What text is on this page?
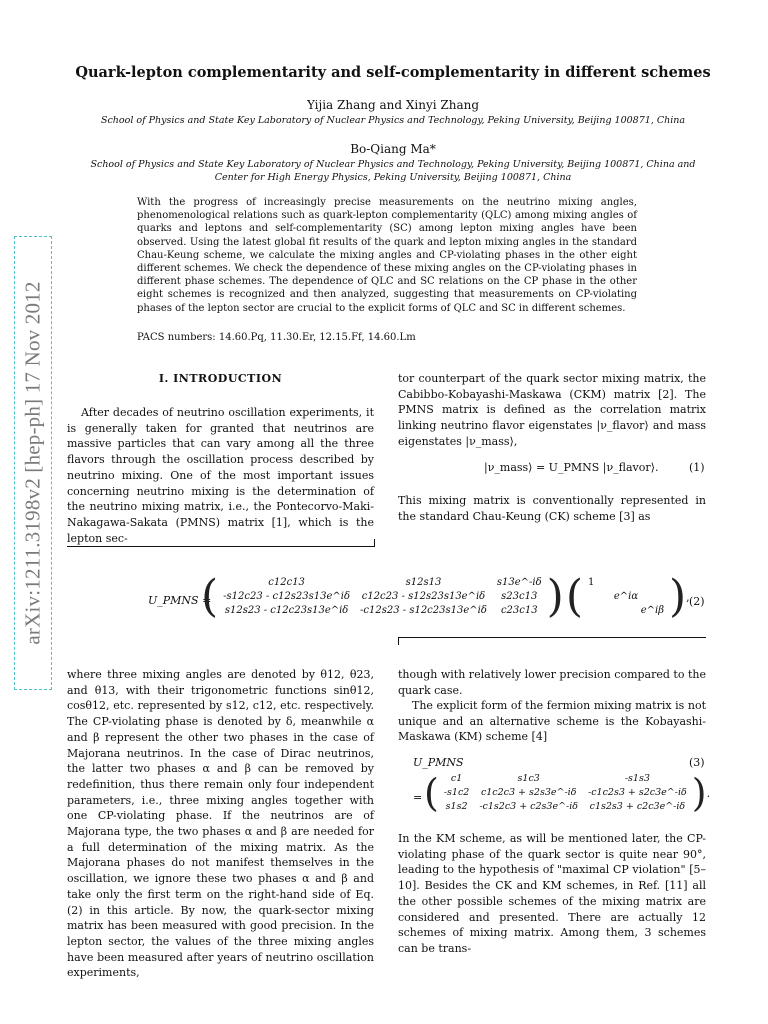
arXiv:1211.3198v2 [hep-ph] 17 Nov 2012
Quark-lepton complementarity and self-complementarity in different schemes
Yijia Zhang and Xinyi Zhang
School of Physics and State Key Laboratory of Nuclear Physics and Technology, Peking University, Beijing 100871, China
Bo-Qiang Ma*
School of Physics and State Key Laboratory of Nuclear Physics and Technology, Peking University, Beijing 100871, China and
Center for High Energy Physics, Peking University, Beijing 100871, China
With the progress of increasingly precise measurements on the neutrino mixing angles, phenomenological relations such as quark-lepton complementarity (QLC) among mixing angles of quarks and leptons and self-complementarity (SC) among lepton mixing angles have been observed. Using the latest global fit results of the quark and lepton mixing angles in the standard Chau-Keung scheme, we calculate the mixing angles and CP-violating phases in the other eight different schemes. We check the dependence of these mixing angles on the CP-violating phases in different phase schemes. The dependence of QLC and SC relations on the CP phase in the other eight schemes is recognized and then analyzed, suggesting that measurements on CP-violating phases of the lepton sector are crucial to the explicit forms of QLC and SC in different schemes.
PACS numbers: 14.60.Pq, 11.30.Er, 12.15.Ff, 14.60.Lm
I. INTRODUCTION
After decades of neutrino oscillation experiments, it is generally taken for granted that neutrinos are massive particles that can vary among all the three flavors through the oscillation process described by neutrino mixing. One of the most important issues concerning neutrino mixing is the determination of the neutrino mixing matrix, i.e., the Pontecorvo-Maki-Nakagawa-Sakata (PMNS) matrix [1], which is the lepton sec-
tor counterpart of the quark sector mixing matrix, the Cabibbo-Kobayashi-Maskawa (CKM) matrix [2]. The PMNS matrix is defined as the correlation matrix linking neutrino flavor eigenstates |ν_flavor⟩ and mass eigenstates |ν_mass⟩,
|ν_mass⟩ = U_PMNS |ν_flavor⟩.	(1)
This mixing matrix is conventionally represented in the standard Chau-Keung (CK) scheme [3] as
U_PMNS =
(	c12c13	s12s13	s13e^-iδ
-s12c23 - c12s23s13e^iδ	c12c23 - s12s23s13e^iδ	s23c13
s12s23 - c12c23s13e^iδ	-c12s23 - s12c23s13e^iδ	c23c13 ) ( 1
e^iα
e^iβ ) , (2)
where three mixing angles are denoted by θ12, θ23, and θ13, with their trigonometric functions sinθ12, cosθ12, etc. represented by s12, c12, etc. respectively. The CP-violating phase is denoted by δ, meanwhile α and β represent the other two phases in the case of Majorana neutrinos. In the case of Dirac neutrinos, the latter two phases α and β can be removed by redefinition, thus there remain only four independent parameters, i.e., three mixing angles together with one CP-violating phase. If the neutrinos are of Majorana type, the two phases α and β are needed for a full determination of the mixing matrix. As the Majorana phases do not manifest themselves in the oscillation, we ignore these two phases α and β and take only the first term on the right-hand side of Eq. (2) in this article. By now, the quark-sector mixing matrix has been measured with good precision. In the lepton sector, the values of the three mixing angles have been measured after years of neutrino oscillation experiments,
though with relatively lower precision compared to the quark case.
The explicit form of the fermion mixing matrix is not unique and an alternative scheme is the Kobayashi-Maskawa (KM) scheme [4]
U_PMNS	(3)
= ( c1	s1c3	-s1s3
-s1c2	c1c2c3 + s2s3e^-iδ	-c1c2s3 + s2c3e^-iδ
s1s2	-c1s2c3 + c2s3e^-iδ	c1s2s3 + c2c3e^-iδ ) .
In the KM scheme, as will be mentioned later, the CP-violating phase of the quark sector is quite near 90°, leading to the hypothesis of "maximal CP violation" [5–10]. Besides the CK and KM schemes, in Ref. [11] all the other possible schemes of the mixing matrix are considered and presented. There are actually 12 schemes of mixing matrix. Among them, 3 schemes can be trans-
